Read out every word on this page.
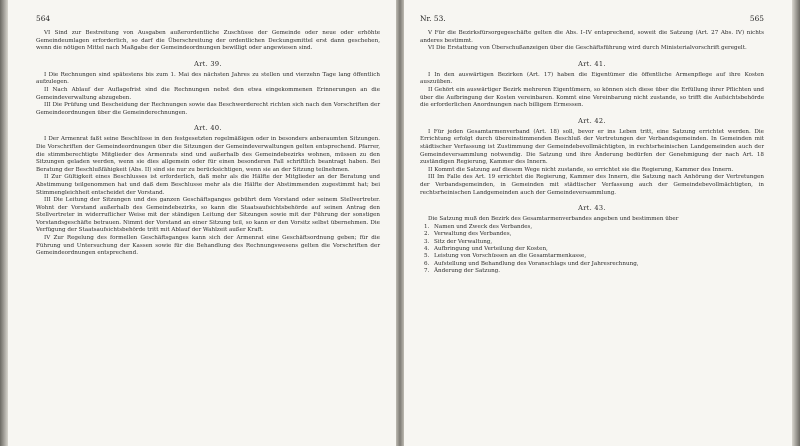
564

VI Sind zur Bestreitung von Ausgaben außerordentliche Zuschüsse der Gemeinde oder neue oder erhöhte Gemeindeumlagen erforderlich, so darf die Überschreitung der ordentlichen Deckungsmittel erst dann geschehen, wenn die nötigen Mittel nach Maßgabe der Gemeindeordnungen bewilligt oder angewiesen sind.

Art. 39.

I Die Rechnungen sind spätestens bis zum 1. Mai des nächsten Jahres zu stellen und vierzehn Tage lang öffentlich aufzulegen.

II Nach Ablauf der Auflagefrist sind die Rechnungen nebst den etwa eingekommenen Erinnerungen an die Gemeindeverwaltung abzugeben.

III Die Prüfung und Bescheidung der Rechnungen sowie das Beschwerderecht richten sich nach den Vorschriften der Gemeindeordnungen über die Gemeinderechnungen.

Art. 40.

I Der Armenrat faßt seine Beschlüsse in den festgesetzten regelmäßigen oder in besonders anberaumten Sitzungen. Die Vorschriften der Gemeindeordnungen über die Sitzungen der Gemeindeverwaltungen gelten entsprechend. Pfarrer, die stimmberechtigte Mitglieder des Armenrats sind und außerhalb des Gemeindebezirks wohnen, müssen zu den Sitzungen geladen werden, wenn sie dies allgemein oder für einen besonderen Fall schriftlich beantragt haben. Bei Beratung der Beschlußfähigkeit (Abs. II) sind sie nur zu berücksichtigen, wenn sie an der Sitzung teilnehmen.

II Zur Gültigkeit eines Beschlusses ist erforderlich, daß mehr als die Hälfte der Mitglieder an der Beratung und Abstimmung teilgenommen hat und daß dem Beschlusse mehr als die Hälfte der Abstimmenden zugestimmt hat; bei Stimmengleichheit entscheidet der Vorstand.

III Die Leitung der Sitzungen und des ganzen Geschäftsganges gebührt dem Vorstand oder seinem Stellvertreter. Wohnt der Vorstand außerhalb des Gemeindebezirks, so kann die Staatsaufsichtsbehörde auf seinen Antrag den Stellvertreter in widerruflicher Weise mit der ständigen Leitung der Sitzungen sowie mit der Führung der sonstigen Vorstandsgeschäfte betrauen. Nimmt der Vorstand an einer Sitzung teil, so kann er den Vorsitz selbst übernehmen. Die Verfügung der Staatsaufsichtsbehörde tritt mit Ablauf der Wahlzeit außer Kraft.

IV Zur Regelung des formellen Geschäftsganges kann sich der Armenrat eine Geschäftsordnung geben; für die Führung und Untersuchung der Kassen sowie für die Behandlung des Rechnungswesens gelten die Vorschriften der Gemeindeordnungen entsprechend.

Nr. 53.	565

V Für die Bezirksfürsorgegeschäfte gelten die Abs. I–IV entsprechend, soweit die Satzung (Art. 27 Abs. IV) nichts anderes bestimmt.

VI Die Erstattung von Überschußanzeigen über die Geschäftsführung wird durch Ministerialvorschrift geregelt.

Art. 41.

I In den auswärtigen Bezirken (Art. 17) haben die Eigentümer die öffentliche Armenpflege auf ihre Kosten auszuüben.

II Gehört ein auswärtiger Bezirk mehreren Eigentümern, so können sich diese über die Erfüllung ihrer Pflichten und über die Aufbringung der Kosten vereinbaren. Kommt eine Vereinbarung nicht zustande, so trifft die Aufsichtsbehörde die erforderlichen Anordnungen nach billigem Ermessen.

Art. 42.

I Für jeden Gesamtarmenverband (Art. 18) soll, bevor er ins Leben tritt, eine Satzung errichtet werden. Die Errichtung erfolgt durch übereinstimmenden Beschluß der Vertretungen der Verbandsgemeinden. In Gemeinden mit städtischer Verfassung ist Zustimmung der Gemeindebevollmächtigten, in rechtsrheinischen Landgemeinden auch der Gemeindeversammlung notwendig. Die Satzung und ihre Änderung bedürfen der Genehmigung der nach Art. 18 zuständigen Regierung, Kammer des Innern.

II Kommt die Satzung auf diesem Wege nicht zustande, so errichtet sie die Regierung, Kammer des Innern.

III Im Falle des Art. 19 errichtet die Regierung, Kammer des Innern, die Satzung nach Anhörung der Vertretungen der Verbandsgemeinden, in Gemeinden mit städtischer Verfassung auch der Gemeindebevollmächtigten, in rechtsrheinischen Landgemeinden auch der Gemeindeversammlung.

Art. 43.

Die Satzung muß den Bezirk des Gesamtarmenverbandes angeben und bestimmen über

1. Namen und Zweck des Verbandes,
2. Verwaltung des Verbandes,
3. Sitz der Verwaltung,
4. Aufbringung und Verteilung der Kosten,
5. Leistung von Vorschüssen an die Gesamtarmenkasse,
6. Aufstellung und Behandlung des Voranschlags und der Jahresrechnung,
7. Änderung der Satzung.
